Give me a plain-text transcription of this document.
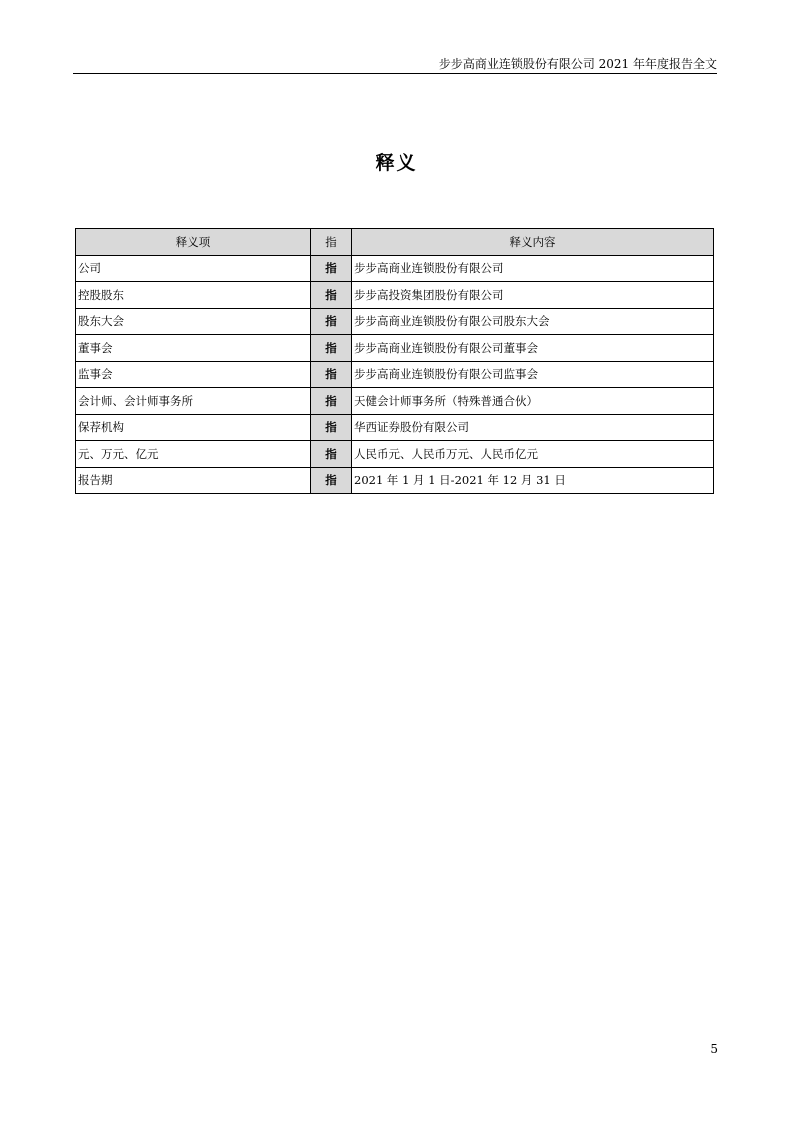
步步高商业连锁股份有限公司 2021 年年度报告全文
释义
释义项	指	释义内容
公司	指	步步高商业连锁股份有限公司
控股股东	指	步步高投资集团股份有限公司
股东大会	指	步步高商业连锁股份有限公司股东大会
董事会	指	步步高商业连锁股份有限公司董事会
监事会	指	步步高商业连锁股份有限公司监事会
会计师、会计师事务所	指	天健会计师事务所（特殊普通合伙）
保荐机构	指	华西证券股份有限公司
元、万元、亿元	指	人民币元、人民币万元、人民币亿元
报告期	指	2021 年 1 月 1 日-2021 年 12 月 31 日
5
